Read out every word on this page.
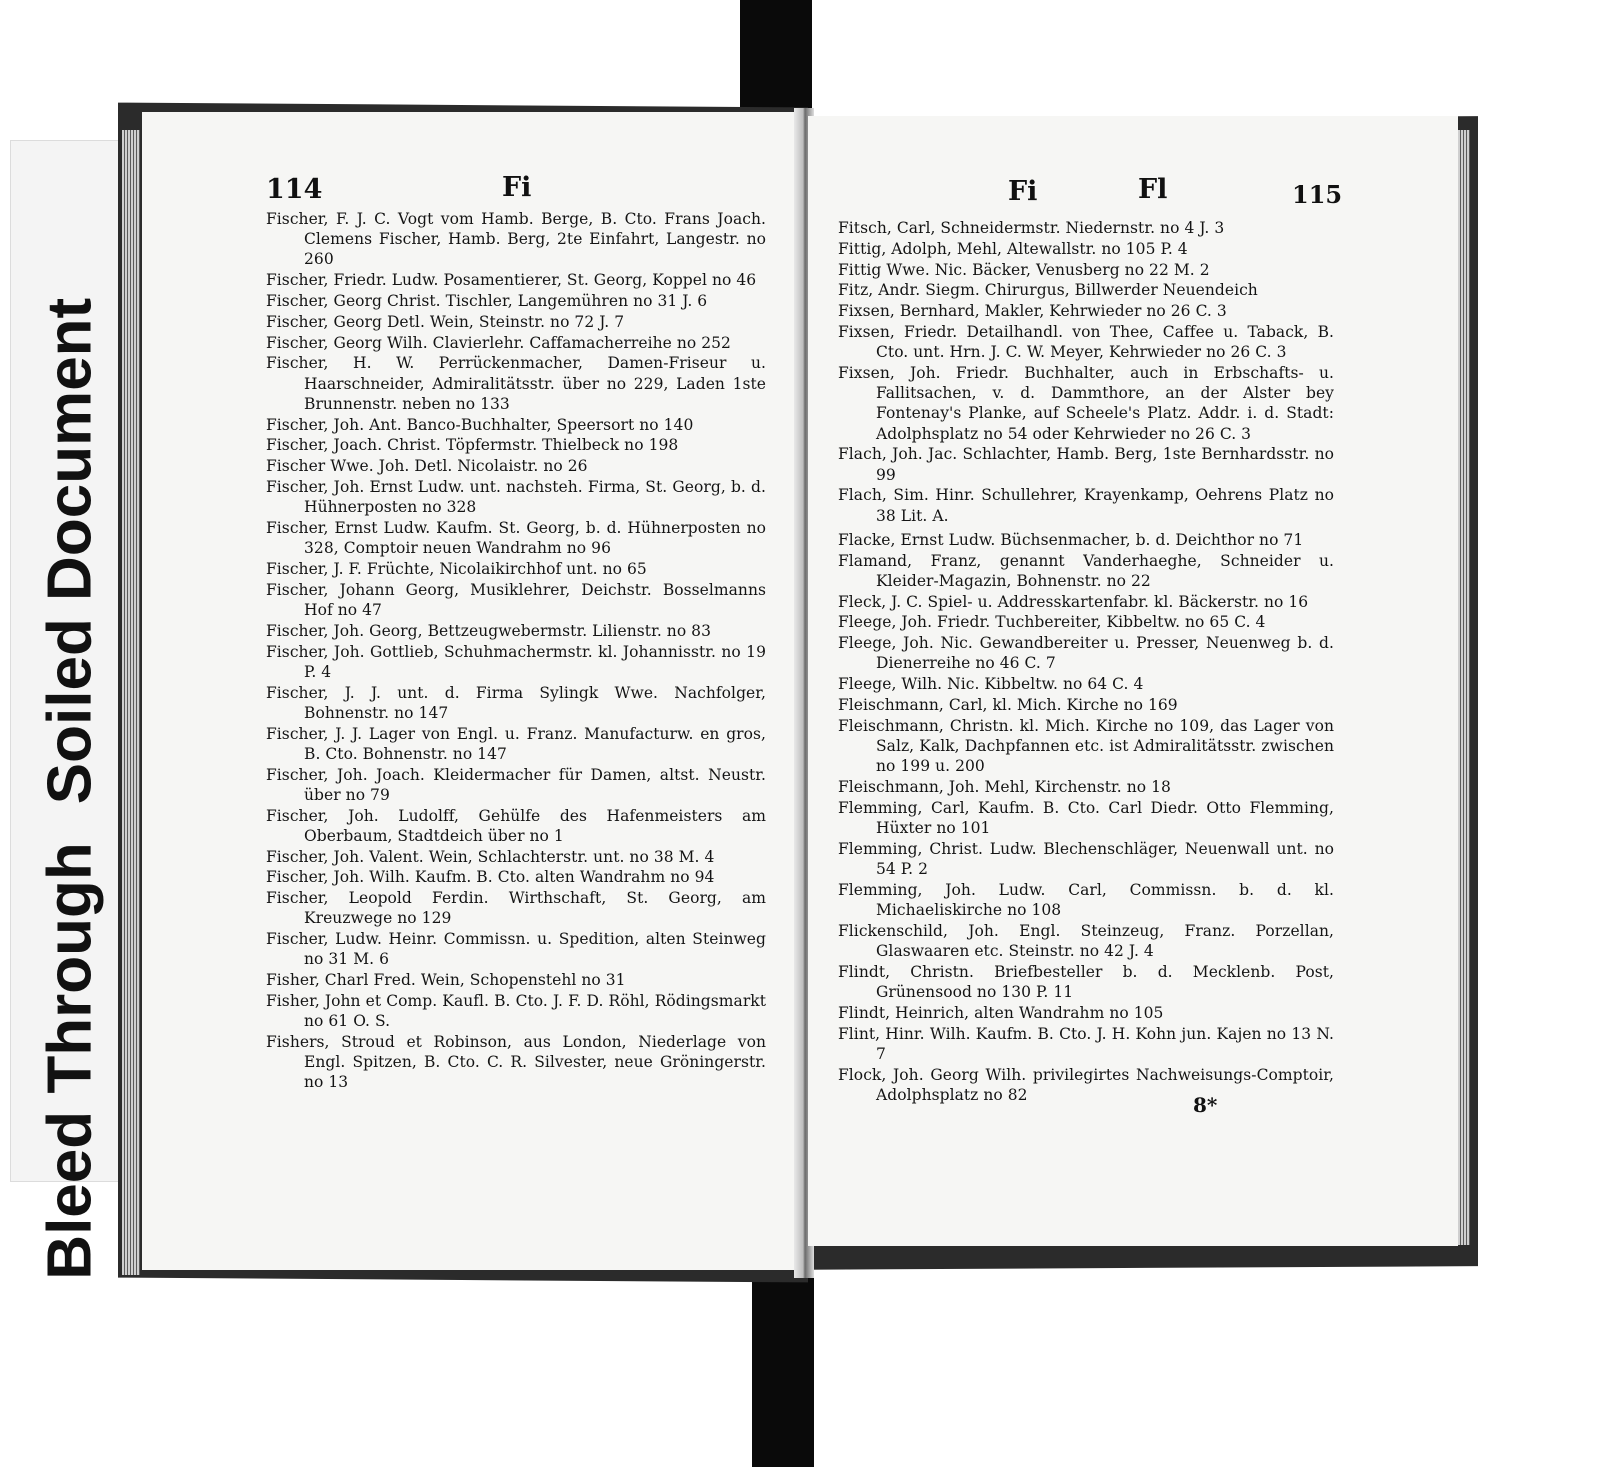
Soiled Document
Bleed Through
114	Fi
Fischer, F. J. C. Vogt vom Hamb. Berge, B. Cto. Frans Joach. Clemens Fischer, Hamb. Berg, 2te Einfahrt, Langestr. no 260
Fischer, Friedr. Ludw. Posamentierer, St. Georg, Koppel no 46
Fischer, Georg Christ. Tischler, Langemühren no 31 J. 6
Fischer, Georg Detl. Wein, Steinstr. no 72 J. 7
Fischer, Georg Wilh. Clavierlehr. Caffamacherreihe no 252
Fischer, H. W. Perrückenmacher, Damen-Friseur u. Haarschneider, Admiralitätsstr. über no 229, Laden 1ste Brunnenstr. neben no 133
Fischer, Joh. Ant. Banco-Buchhalter, Speersort no 140
Fischer, Joach. Christ. Töpfermstr. Thielbeck no 198
Fischer Wwe. Joh. Detl. Nicolaistr. no 26
Fischer, Joh. Ernst Ludw. unt. nachsteh. Firma, St. Georg, b. d. Hühnerposten no 328
Fischer, Ernst Ludw. Kaufm. St. Georg, b. d. Hühnerposten no 328, Comptoir neuen Wandrahm no 96
Fischer, J. F. Früchte, Nicolaikirchhof unt. no 65
Fischer, Johann Georg, Musiklehrer, Deichstr. Bosselmanns Hof no 47
Fischer, Joh. Georg, Bettzeugwebermstr. Lilienstr. no 83
Fischer, Joh. Gottlieb, Schuhmachermstr. kl. Johannisstr. no 19 P. 4
Fischer, J. J. unt. d. Firma Sylingk Wwe. Nachfolger, Bohnenstr. no 147
Fischer, J. J. Lager von Engl. u. Franz. Manufacturw. en gros, B. Cto. Bohnenstr. no 147
Fischer, Joh. Joach. Kleidermacher für Damen, altst. Neustr. über no 79
Fischer, Joh. Ludolff, Gehülfe des Hafenmeisters am Oberbaum, Stadtdeich über no 1
Fischer, Joh. Valent. Wein, Schlachterstr. unt. no 38 M. 4
Fischer, Joh. Wilh. Kaufm. B. Cto. alten Wandrahm no 94
Fischer, Leopold Ferdin. Wirthschaft, St. Georg, am Kreuzwege no 129
Fischer, Ludw. Heinr. Commissn. u. Spedition, alten Steinweg no 31 M. 6
Fisher, Charl Fred. Wein, Schopenstehl no 31
Fisher, John et Comp. Kaufl. B. Cto. J. F. D. Röhl, Rödingsmarkt no 61 O. S.
Fishers, Stroud et Robinson, aus London, Niederlage von Engl. Spitzen, B. Cto. C. R. Silvester, neue Gröningerstr. no 13
Fi	Fl	115
Fitsch, Carl, Schneidermstr. Niedernstr. no 4 J. 3
Fittig, Adolph, Mehl, Altewallstr. no 105 P. 4
Fittig Wwe. Nic. Bäcker, Venusberg no 22 M. 2
Fitz, Andr. Siegm. Chirurgus, Billwerder Neuendeich
Fixsen, Bernhard, Makler, Kehrwieder no 26 C. 3
Fixsen, Friedr. Detailhandl. von Thee, Caffee u. Taback, B. Cto. unt. Hrn. J. C. W. Meyer, Kehrwieder no 26 C. 3
Fixsen, Joh. Friedr. Buchhalter, auch in Erbschafts- u. Fallitsachen, v. d. Dammthore, an der Alster bey Fontenay's Planke, auf Scheele's Platz. Addr. i. d. Stadt: Adolphsplatz no 54 oder Kehrwieder no 26 C. 3
Flach, Joh. Jac. Schlachter, Hamb. Berg, 1ste Bernhardsstr. no 99
Flach, Sim. Hinr. Schullehrer, Krayenkamp, Oehrens Platz no 38 Lit. A.
Flacke, Ernst Ludw. Büchsenmacher, b. d. Deichthor no 71
Flamand, Franz, genannt Vanderhaeghe, Schneider u. Kleider-Magazin, Bohnenstr. no 22
Fleck, J. C. Spiel- u. Addresskartenfabr. kl. Bäckerstr. no 16
Fleege, Joh. Friedr. Tuchbereiter, Kibbeltw. no 65 C. 4
Fleege, Joh. Nic. Gewandbereiter u. Presser, Neuenweg b. d. Dienerreihe no 46 C. 7
Fleege, Wilh. Nic. Kibbeltw. no 64 C. 4
Fleischmann, Carl, kl. Mich. Kirche no 169
Fleischmann, Christn. kl. Mich. Kirche no 109, das Lager von Salz, Kalk, Dachpfannen etc. ist Admiralitätsstr. zwischen no 199 u. 200
Fleischmann, Joh. Mehl, Kirchenstr. no 18
Flemming, Carl, Kaufm. B. Cto. Carl Diedr. Otto Flemming, Hüxter no 101
Flemming, Christ. Ludw. Blechenschläger, Neuenwall unt. no 54 P. 2
Flemming, Joh. Ludw. Carl, Commissn. b. d. kl. Michaeliskirche no 108
Flickenschild, Joh. Engl. Steinzeug, Franz. Porzellan, Glaswaaren etc. Steinstr. no 42 J. 4
Flindt, Christn. Briefbesteller b. d. Mecklenb. Post, Grünensood no 130 P. 11
Flindt, Heinrich, alten Wandrahm no 105
Flint, Hinr. Wilh. Kaufm. B. Cto. J. H. Kohn jun. Kajen no 13 N. 7
Flock, Joh. Georg Wilh. privilegirtes Nachweisungs-Comptoir, Adolphsplatz no 82	8*
